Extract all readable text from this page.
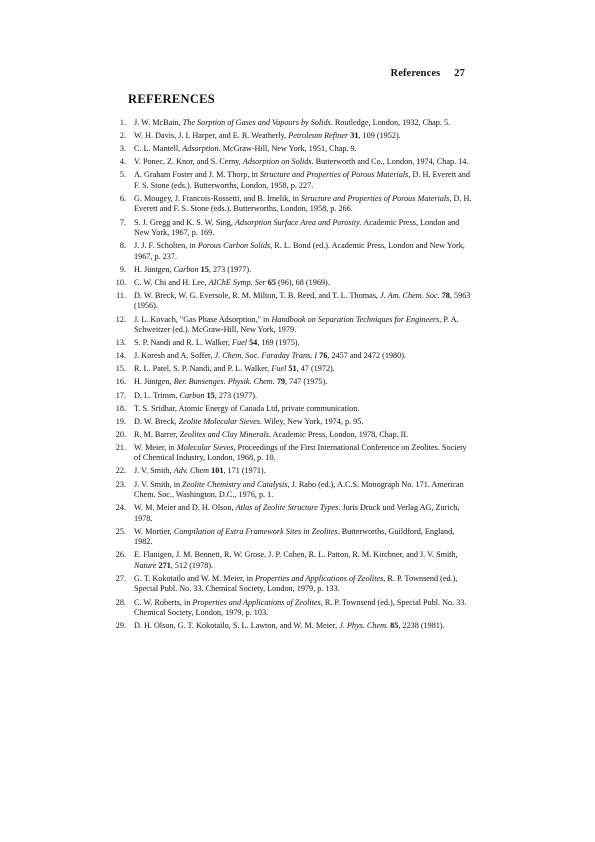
References 27
REFERENCES
1. J. W. McBain, The Sorption of Gases and Vapours by Solids. Routledge, London, 1932, Chap. 5.
2. W. H. Davis, J. I. Harper, and E. R. Weatherly, Petroleum Refiner 31, 109 (1952).
3. C. L. Mantell, Adsorption. McGraw-Hill, New York, 1951, Chap. 9.
4. V. Ponec, Z. Knor, and S. Cerny, Adsorption on Solids. Butterworth and Co., London, 1974, Chap. 14.
5. A. Graham Foster and J. M. Thorp, in Structure and Properties of Porous Materials, D. H. Everett and F. S. Stone (eds.). Butterworths, London, 1958, p. 227.
6. G. Mougey, J. Francois-Rossetti, and B. Imelik, in Structure and Properties of Porous Materials, D. H. Everett and F. S. Stone (eds.). Butterworths, London, 1958, p. 266.
7. S. J. Gregg and K. S. W. Sing, Adsorption Surface Area and Porosity. Academic Press, London and New York, 1967, p. 169.
8. J. J. F. Scholten, in Porous Carbon Solids, R. L. Bond (ed.). Academic Press, London and New York, 1967, p. 237.
9. H. Jüntgen, Carbon 15, 273 (1977).
10. C. W. Chi and H. Lee, AIChE Symp. Ser 65 (96), 68 (1969).
11. D. W. Breck, W. G. Eversole, R. M. Milton, T. B. Reed, and T. L. Thomas, J. Am. Chem. Soc. 78, 5963 (1956).
12. J. L. Kovach, "Gas Phase Adsorption," in Handbook on Separation Techniques for Engineers, P. A. Schweitzer (ed.). McGraw-Hill, New York, 1979.
13. S. P. Nandi and R. L. Walker, Fuel 54, 169 (1975).
14. J. Koresh and A. Soffer, J. Chem. Soc. Faraday Trans. I 76, 2457 and 2472 (1980).
15. R. L. Patel, S. P. Nandi, and P. L. Walker, Fuel 51, 47 (1972).
16. H. Jüntgen, Ber. Bunsenges. Physik. Chem. 79, 747 (1975).
17. D. L. Trimm, Carbon 15, 273 (1977).
18. T. S. Sridhar, Atomic Energy of Canada Ltd, private communication.
19. D. W. Breck, Zeolite Molecular Sieves. Wiley, New York, 1974, p. 95.
20. R. M. Barrer, Zeolites and Clay Minerals. Academic Press, London, 1978, Chap. II.
21. W. Meier, in Molecular Sieves, Proceedings of the First International Conference on Zeolites. Society of Chemical Industry, London, 1968, p. 10.
22. J. V. Smith, Adv. Chem 101, 171 (1971).
23. J. V. Smith, in Zeolite Chemistry and Catalysis, J. Rabo (ed.), A.C.S. Monograph No. 171. American Chem. Soc., Washington, D.C., 1976, p. 1.
24. W. M. Meier and D. H. Olson, Atlas of Zeolite Structure Types. Juris Druck und Verlag AG, Zurich, 1978.
25. W. Mortier, Compilation of Extra Framework Sites in Zeolites. Butterworths, Guildford, England, 1982.
26. E. Flanigen, J. M. Bennett, R. W. Grose, J. P. Cohen, R. L. Patton, R. M. Kirchner, and J. V. Smith, Nature 271, 512 (1978).
27. G. T. Kokotailo and W. M. Meier, in Properties and Applications of Zeolites, R. P. Townsend (ed.), Special Publ. No. 33. Chemical Society, London, 1979, p. 133.
28. C. W. Roberts, in Properties and Applications of Zeolites, R. P. Townsend (ed.), Special Publ. No. 33. Chemical Society, London, 1979, p. 103.
29. D. H. Olson, G. T. Kokotailo, S. L. Lawton, and W. M. Meier, J. Phys. Chem. 85, 2238 (1981).
